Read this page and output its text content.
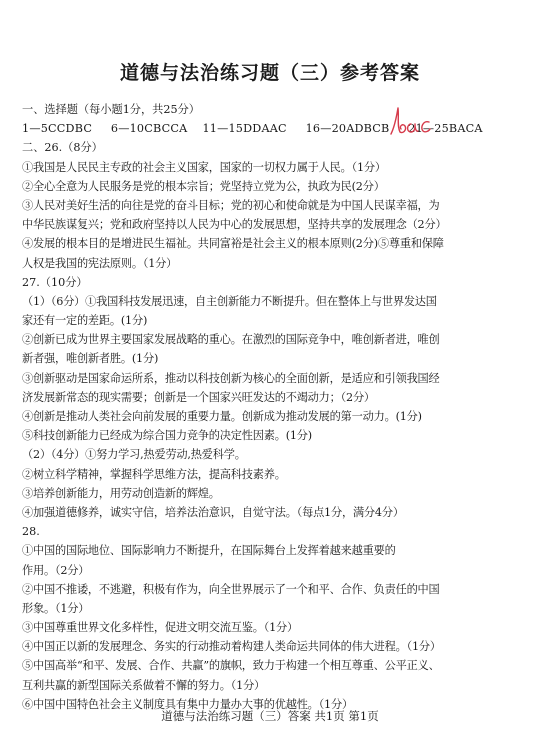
道德与法治练习题（三）参考答案
一、选择题（每小题1分，共25分）
1—5CCDBC 6—10CBCCA 11—15DDAAC 16—20ADBCB 21—25BACA
二、26.（8分）
①我国是人民民主专政的社会主义国家，国家的一切权力属于人民。（1分）
②全心全意为人民服务是党的根本宗旨；党坚持立党为公，执政为民(2分）
③人民对美好生活的向往是党的奋斗目标；党的初心和使命就是为中国人民谋幸福，为
中华民族谋复兴；党和政府坚持以人民为中心的发展思想，坚持共享的发展理念（2分）
④发展的根本目的是增进民生福祉。共同富裕是社会主义的根本原则(2分)⑤尊重和保障
人权是我国的宪法原则。（1分）
27.（10分）
（1）（6分）①我国科技发展迅速，自主创新能力不断提升。但在整体上与世界发达国
家还有一定的差距。(1分)
②创新已成为世界主要国家发展战略的重心。在激烈的国际竞争中，唯创新者进，唯创
新者强，唯创新者胜。(1分)
③创新驱动是国家命运所系，推动以科技创新为核心的全面创新，是适应和引领我国经
济发展新常态的现实需要；创新是一个国家兴旺发达的不竭动力；（2分）
④创新是推动人类社会向前发展的重要力量。创新成为推动发展的第一动力。(1分)
⑤科技创新能力已经成为综合国力竞争的决定性因素。(1分)
（2）（4分）①努力学习,热爱劳动,热爱科学。
②树立科学精神，掌握科学思维方法，提高科技素养。
③培养创新能力，用劳动创造新的辉煌。
④加强道德修养，诚实守信，培养法治意识，自觉守法。（每点1分，满分4分）
28.
①中国的国际地位、国际影响力不断提升，在国际舞台上发挥着越来越重要的
作用。（2分）
②中国不推诿，不逃避，积极有作为，向全世界展示了一个和平、合作、负责任的中国
形象。（1分）
③中国尊重世界文化多样性，促进文明交流互鉴。（1分）
④中国正以新的发展理念、务实的行动推动着构建人类命运共同体的伟大进程。（1分）
⑤中国高举“和平、发展、合作、共赢”的旗帜，致力于构建一个相互尊重、公平正义、
互利共赢的新型国际关系做着不懈的努力。（1分）
⑥中国中国特色社会主义制度具有集中力量办大事的优越性。（1分）
道德与法治练习题（三）答案 共1页 第1页
